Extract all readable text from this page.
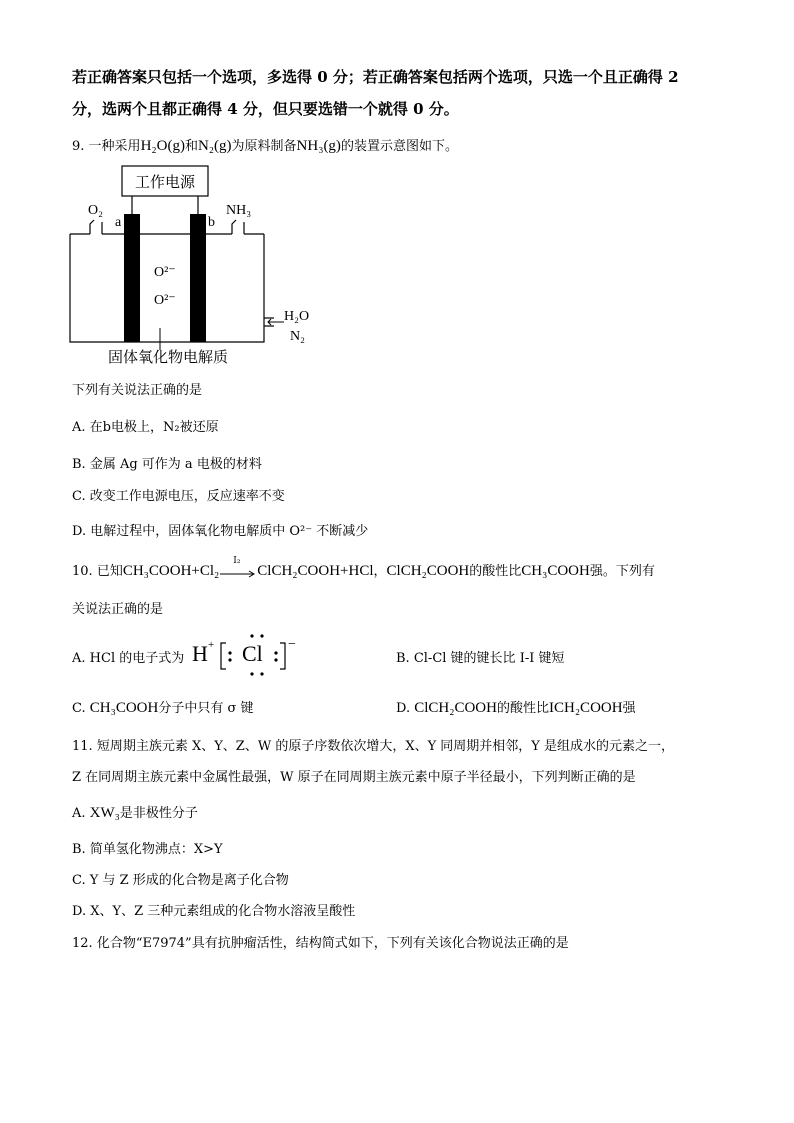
若正确答案只包括一个选项，多选得 0 分；若正确答案包括两个选项，只选一个且正确得 2
分，选两个且都正确得 4 分，但只要选错一个就得 0 分。
9. 一种采用H₂O(g)和N₂(g)为原料制备NH₃(g)的装置示意图如下。
工作电源
O₂
a	b
NH₃
O²⁻
O²⁻
H₂O
N₂
固体氧化物电解质
下列有关说法正确的是
A. 在b电极上，N₂被还原
B. 金属 Ag 可作为 a 电极的材料
C. 改变工作电源电压，反应速率不变
D. 电解过程中，固体氧化物电解质中 O²⁻ 不断减少
10. 已知CH₃COOH+Cl₂
I₂
ClCH₂COOH+HCl，ClCH₂COOH的酸性比CH₃COOH强。下列有
关说法正确的是
A. HCl 的电子式为 H + Cl −
B. Cl-Cl 键的键长比 I-I 键短
C. CH₃COOH分子中只有 σ 键	D. ClCH₂COOH的酸性比ICH₂COOH强
11. 短周期主族元素 X、Y、Z、W 的原子序数依次增大，X、Y 同周期并相邻，Y 是组成水的元素之一，
Z 在同周期主族元素中金属性最强，W 原子在同周期主族元素中原子半径最小，下列判断正确的是
A. XW₃是非极性分子
B. 简单氢化物沸点：X>Y
C. Y 与 Z 形成的化合物是离子化合物
D. X、Y、Z 三种元素组成的化合物水溶液呈酸性
12. 化合物“E7974”具有抗肿瘤活性，结构简式如下，下列有关该化合物说法正确的是
